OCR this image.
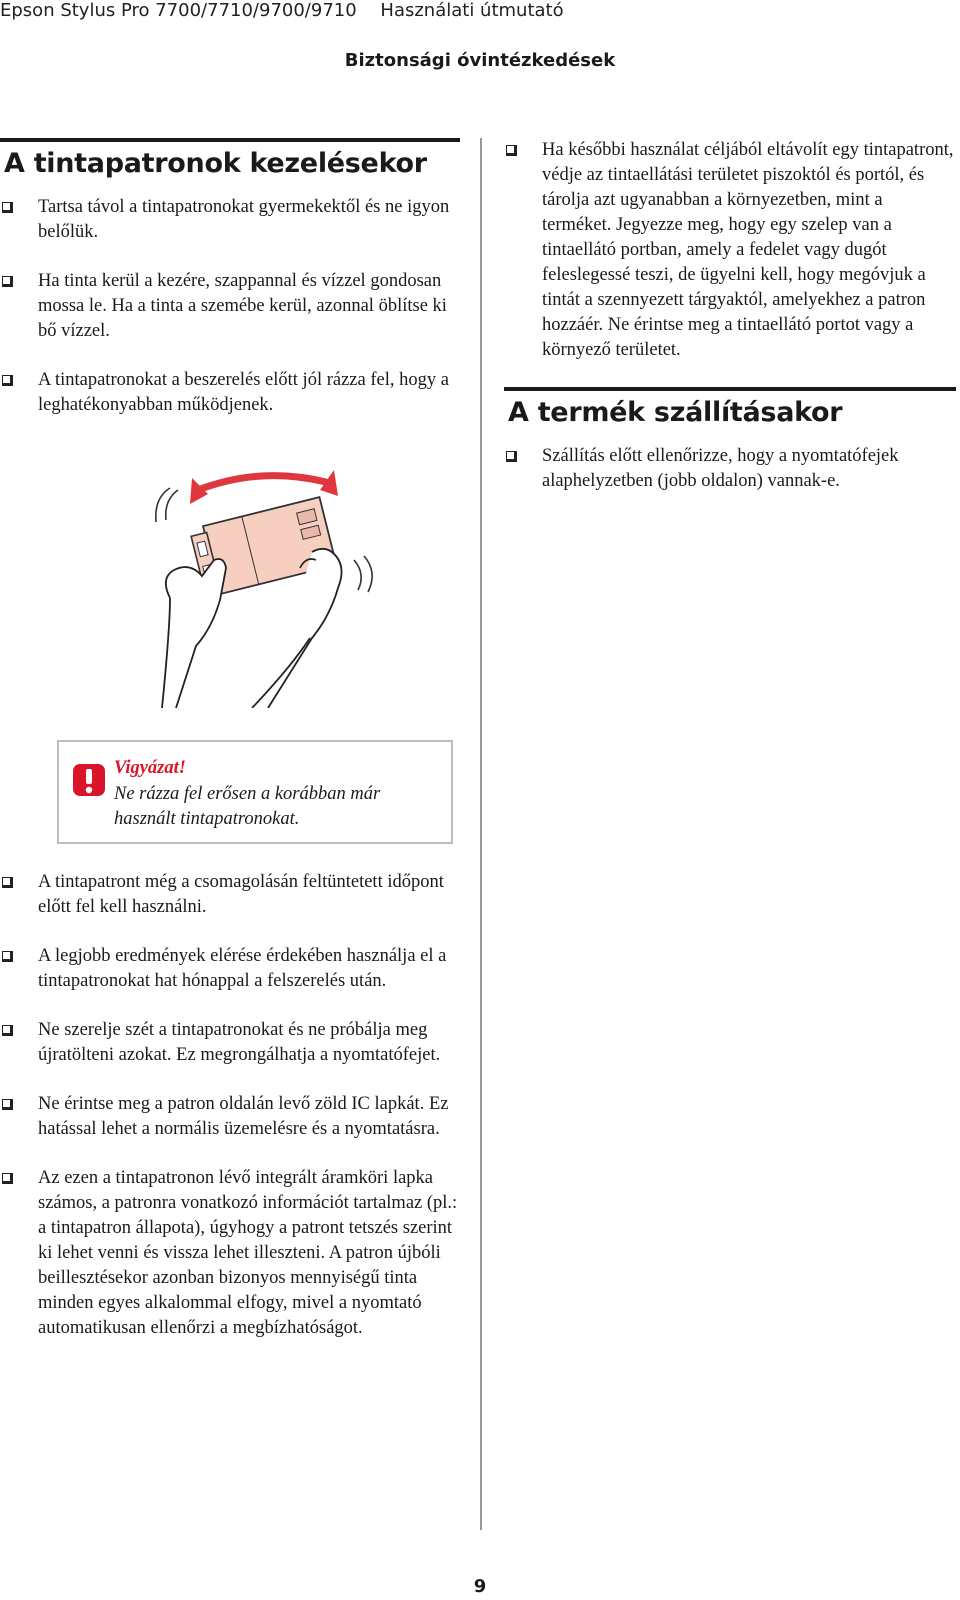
Epson Stylus Pro 7700/7710/9700/9710 Használati útmutató
Biztonsági óvintézkedések
A tintapatronok kezelésekor
Tartsa távol a tintapatronokat gyermekektől és ne igyon belőlük.
Ha tinta kerül a kezére, szappannal és vízzel gondosan mossa le. Ha a tinta a szemébe kerül, azonnal öblítse ki bő vízzel.
A tintapatronokat a beszerelés előtt jól rázza fel, hogy a leghatékonyabban működjenek.
Vigyázat!
Ne rázza fel erősen a korábban már használt tintapatronokat.
A tintapatront még a csomagolásán feltüntetett időpont előtt fel kell használni.
A legjobb eredmények elérése érdekében használja el a tintapatronokat hat hónappal a felszerelés után.
Ne szerelje szét a tintapatronokat és ne próbálja meg újratölteni azokat. Ez megrongálhatja a nyomtatófejet.
Ne érintse meg a patron oldalán levő zöld IC lapkát. Ez hatással lehet a normális üzemelésre és a nyomtatásra.
Az ezen a tintapatronon lévő integrált áramköri lapka számos, a patronra vonatkozó információt tartalmaz (pl.: a tintapatron állapota), úgyhogy a patront tetszés szerint ki lehet venni és vissza lehet illeszteni. A patron újbóli beillesztésekor azonban bizonyos mennyiségű tinta minden egyes alkalommal elfogy, mivel a nyomtató automatikusan ellenőrzi a megbízhatóságot.
Ha későbbi használat céljából eltávolít egy tintapatront, védje az tintaellátási területet piszoktól és portól, és tárolja azt ugyanabban a környezetben, mint a terméket. Jegyezze meg, hogy egy szelep van a tintaellátó portban, amely a fedelet vagy dugót feleslegessé teszi, de ügyelni kell, hogy megóvjuk a tintát a szennyezett tárgyaktól, amelyekhez a patron hozzáér. Ne érintse meg a tintaellátó portot vagy a környező területet.
A termék szállításakor
Szállítás előtt ellenőrizze, hogy a nyomtatófejek alaphelyzetben (jobb oldalon) vannak-e.
9
